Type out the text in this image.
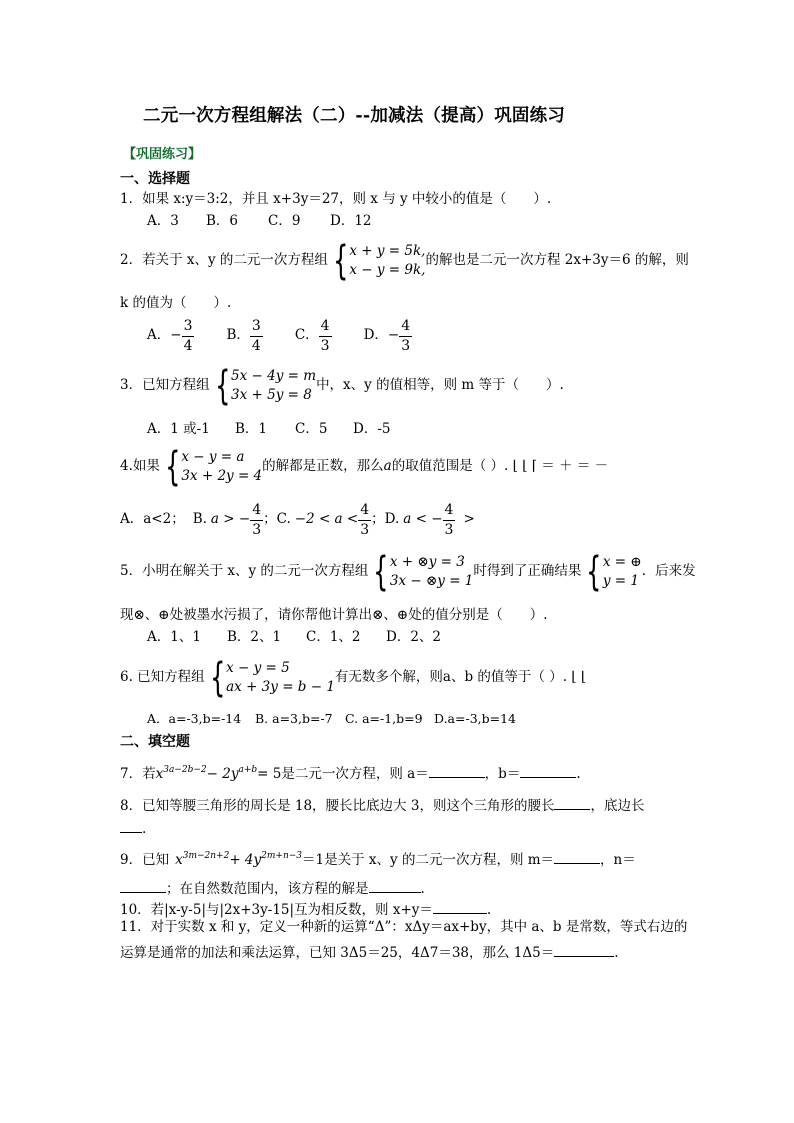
二元一次方程组解法（二）--加减法（提高）巩固练习
【巩固练习】
一、选择题
1．如果 x:y＝3:2，并且 x+3y＝27，则 x 与 y 中较小的值是（　　）.
A．3 B．6 C．9 D．12
2．若关于 x、y 的二元一次方程组 { x + y = 5k,
x − y = 9k,
的解也是二元一次方程 2x+3y＝6 的解，则
k 的值为（　　）.
A． − $\frac{3}{4}$ B． $\frac{3}{4}$ C． $\frac{4}{3}$ D． − $\frac{4}{3}$
3．已知方程组 { 5x − 4y = m
3x + 5y = 8
中，x、y 的值相等，则 m 等于（　　）.
A．1 或-1 B．1 C．5 D．-5
4.如果 { x − y = a
3x + 2y = 4
的解都是正数，那么 a 的取值范围是（ ）. ⌊ ⌊ ⌈ ＝ ＋ ＝ －
A．a<2； B. a > − $\frac{4}{3}$ ；C. $-2 < a < \frac{4}{3}$ ；D. a < − $\frac{4}{3}$ >
5．小明在解关于 x、y 的二元一次方程组 { x + ⊗y = 3
3x − ⊗y = 1
时得到了正确结果 { x = ⊕
y = 1
．后来发
现⊗、⊕处被墨水污损了，请你帮他计算出⊗、⊕处的值分别是（　　）.
A．1、1 B．2、1 C．1、2 D．2、2
6. 已知方程组 { x − y = 5
ax + 3y = b − 1
有无数多个解，则a、b 的值等于（ ）. ⌊ ⌊
A．a=-3,b=-14 B. a=3,b=-7 C. a=-1,b=9 D.a=-3,b=14
二、填空题
7．若 $x^{3a-2b-2} - 2$ $y^{a+b} = 5$是二元一次方程，则 a＝	，b＝	.
8．已知等腰三角形的周长是 18，腰长比底边大 3，则这个三角形的腰长	，底边长
.
9．已知 $x^{3m-2n+2} + 4$ $y^{2m+n-3} =1$是关于 x、y 的二元一次方程，则 m＝	，n＝
；在自然数范围内，该方程的解是	.
10．若|x-y-5|与|2x+3y-15|互为相反数，则 x+y＝	.
11．对于实数 x 和 y，定义一种新的运算“Δ”：xΔy＝ax+by，其中 a、b 是常数，等式右边的
运算是通常的加法和乘法运算，已知 3Δ5＝25，4Δ7＝38，那么 1Δ5＝	.
